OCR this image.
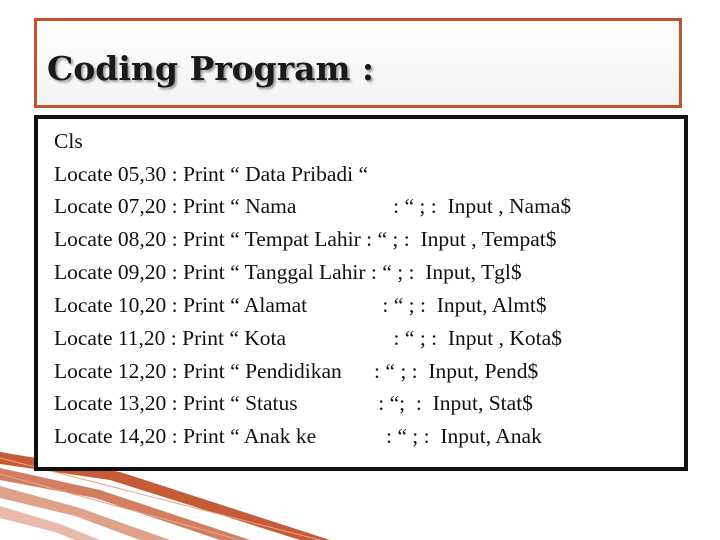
Coding Program :
Cls
Locate 05,30 : Print “ Data Pribadi “
Locate 07,20 : Print “ Nama                  : “ ; :  Input , Nama$
Locate 08,20 : Print “ Tempat Lahir : “ ; :  Input , Tempat$
Locate 09,20 : Print “ Tanggal Lahir : “ ; :  Input, Tgl$
Locate 10,20 : Print “ Alamat              : “ ; :  Input, Almt$
Locate 11,20 : Print “ Kota                    : “ ; :  Input , Kota$
Locate 12,20 : Print “ Pendidikan      : “ ; :  Input, Pend$
Locate 13,20 : Print “ Status               : “;  :  Input, Stat$
Locate 14,20 : Print “ Anak ke             : “ ; :  Input, Anak
